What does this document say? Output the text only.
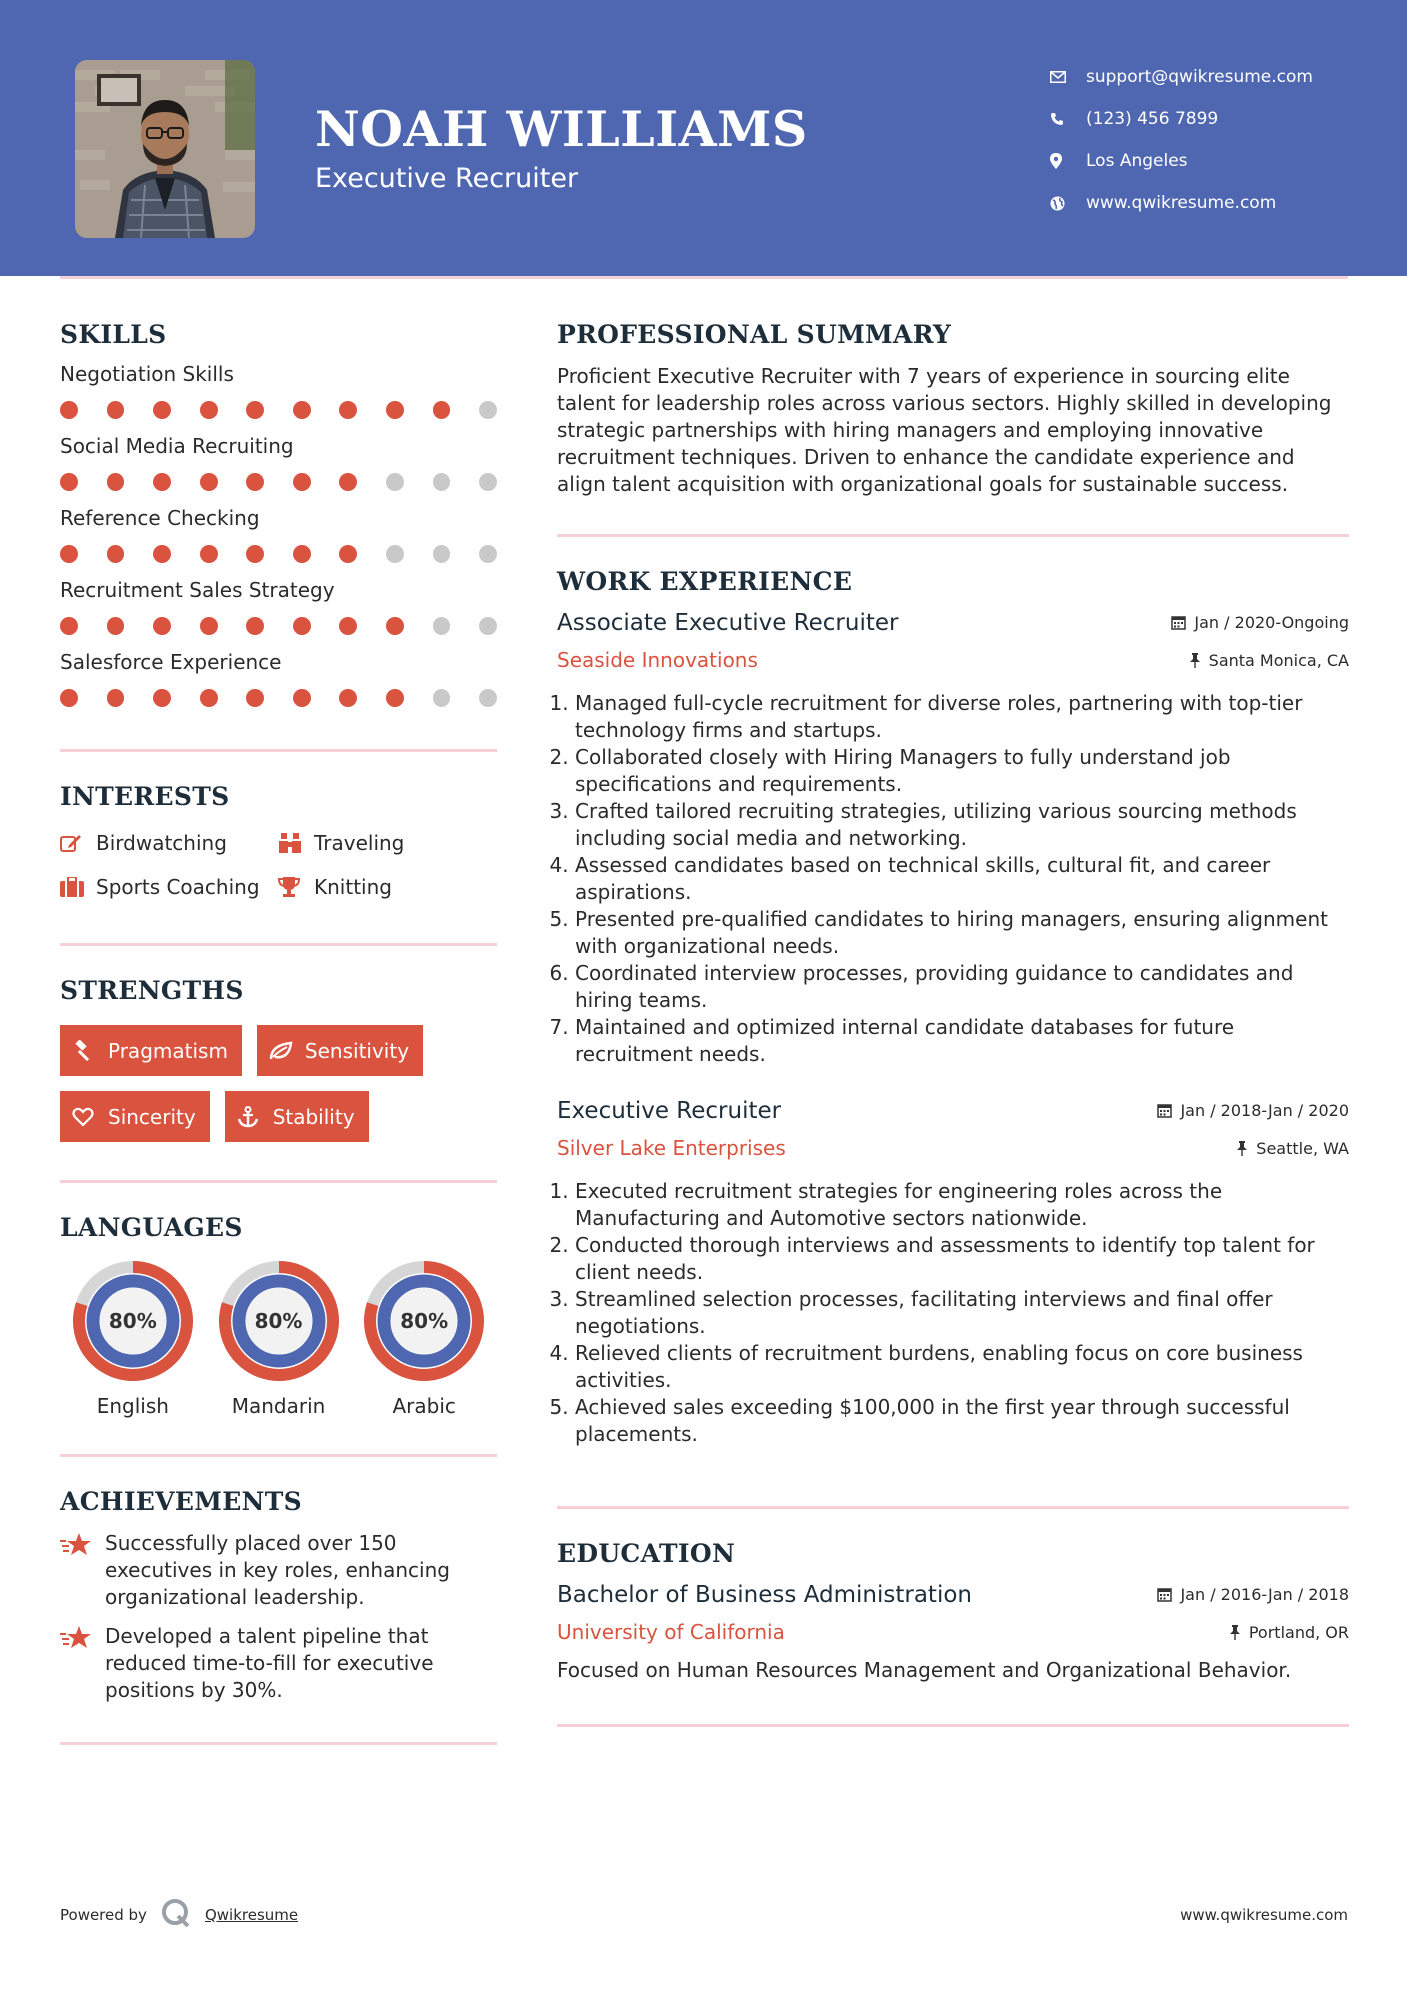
NOAH WILLIAMS
Executive Recruiter
support@qwikresume.com
(123) 456 7899
Los Angeles
www.qwikresume.com
SKILLS
Negotiation Skills
Social Media Recruiting
Reference Checking
Recruitment Sales Strategy
Salesforce Experience
INTERESTS
Birdwatching	Traveling
Sports Coaching	Knitting
STRENGTHS
Pragmatism	Sensitivity
Sincerity	Stability
LANGUAGES
80%
English
80%
Mandarin
80%
Arabic
ACHIEVEMENTS
Successfully placed over 150 executives in key roles, enhancing organizational leadership.
Developed a talent pipeline that reduced time-to-fill for executive positions by 30%.
PROFESSIONAL SUMMARY
Proficient Executive Recruiter with 7 years of experience in sourcing elite talent for leadership roles across various sectors. Highly skilled in developing strategic partnerships with hiring managers and employing innovative recruitment techniques. Driven to enhance the candidate experience and align talent acquisition with organizational goals for sustainable success.
WORK EXPERIENCE
Associate Executive Recruiter	Jan / 2020-Ongoing
Seaside Innovations	Santa Monica, CA
1. Managed full-cycle recruitment for diverse roles, partnering with top-tier technology firms and startups.
2. Collaborated closely with Hiring Managers to fully understand job specifications and requirements.
3. Crafted tailored recruiting strategies, utilizing various sourcing methods including social media and networking.
4. Assessed candidates based on technical skills, cultural fit, and career aspirations.
5. Presented pre-qualified candidates to hiring managers, ensuring alignment with organizational needs.
6. Coordinated interview processes, providing guidance to candidates and hiring teams.
7. Maintained and optimized internal candidate databases for future recruitment needs.
Executive Recruiter	Jan / 2018-Jan / 2020
Silver Lake Enterprises	Seattle, WA
1. Executed recruitment strategies for engineering roles across the Manufacturing and Automotive sectors nationwide.
2. Conducted thorough interviews and assessments to identify top talent for client needs.
3. Streamlined selection processes, facilitating interviews and final offer negotiations.
4. Relieved clients of recruitment burdens, enabling focus on core business activities.
5. Achieved sales exceeding $100,000 in the first year through successful placements.
EDUCATION
Bachelor of Business Administration	Jan / 2016-Jan / 2018
University of California	Portland, OR
Focused on Human Resources Management and Organizational Behavior.
Powered by	Qwikresume	www.qwikresume.com
